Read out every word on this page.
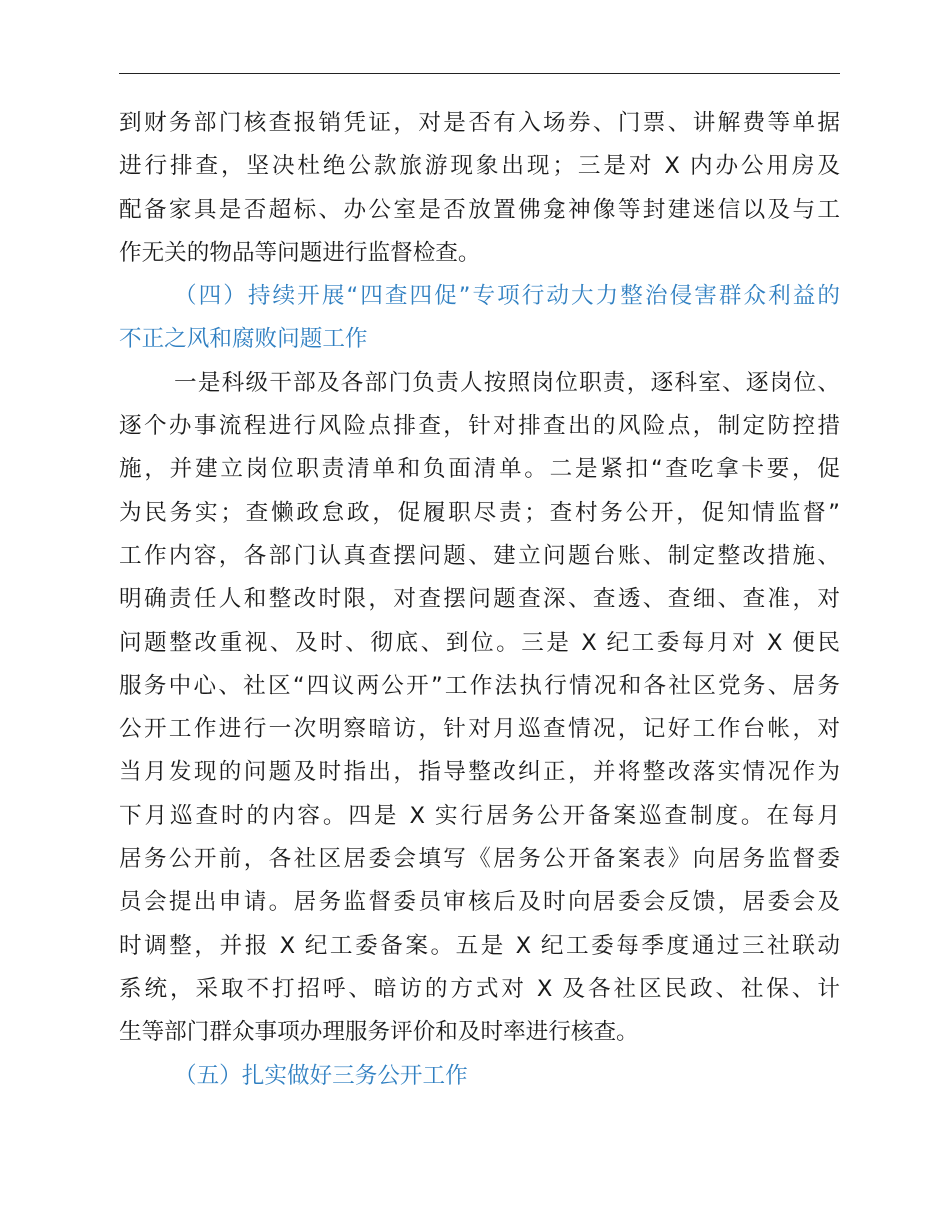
到财务部门核查报销凭证，对是否有入场券、门票、讲解费等单据
进行排查，坚决杜绝公款旅游现象出现；三是对 X 内办公用房及
配备家具是否超标、办公室是否放置佛龛神像等封建迷信以及与工
作无关的物品等问题进行监督检查。
（四）持续开展“四查四促”专项行动大力整治侵害群众利益的
不正之风和腐败问题工作
一是科级干部及各部门负责人按照岗位职责，逐科室、逐岗位、
逐个办事流程进行风险点排查，针对排查出的风险点，制定防控措
施，并建立岗位职责清单和负面清单。二是紧扣“查吃拿卡要，促
为民务实；查懒政怠政，促履职尽责；查村务公开，促知情监督”
工作内容，各部门认真查摆问题、建立问题台账、制定整改措施、
明确责任人和整改时限，对查摆问题查深、查透、查细、查准，对
问题整改重视、及时、彻底、到位。三是 X 纪工委每月对 X 便民
服务中心、社区“四议两公开”工作法执行情况和各社区党务、居务
公开工作进行一次明察暗访，针对月巡查情况，记好工作台帐，对
当月发现的问题及时指出，指导整改纠正，并将整改落实情况作为
下月巡查时的内容。四是 X 实行居务公开备案巡查制度。在每月
居务公开前，各社区居委会填写《居务公开备案表》向居务监督委
员会提出申请。居务监督委员审核后及时向居委会反馈，居委会及
时调整，并报 X 纪工委备案。五是 X 纪工委每季度通过三社联动
系统，采取不打招呼、暗访的方式对 X 及各社区民政、社保、计
生等部门群众事项办理服务评价和及时率进行核查。
（五）扎实做好三务公开工作
